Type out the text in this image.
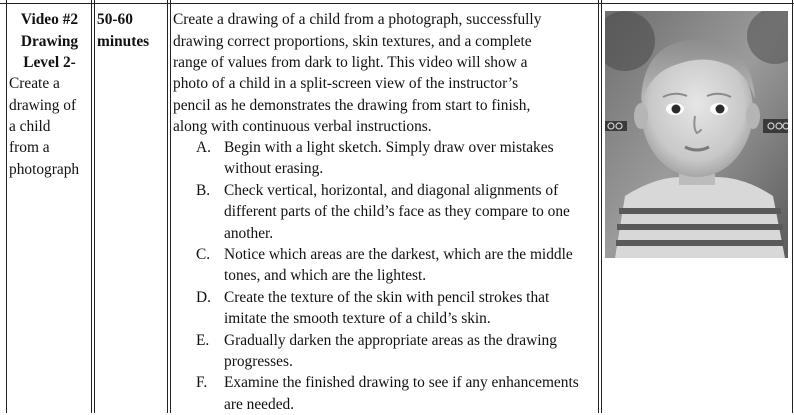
Video #2
Drawing
Level 2-
Create a
drawing of
a child
from a
photograph
50-60
minutes
Create a drawing of a child from a photograph, successfully
drawing correct proportions, skin textures, and a complete
range of values from dark to light. This video will show a
photo of a child in a split-screen view of the instructor’s
pencil as he demonstrates the drawing from start to finish,
along with continuous verbal instructions.
A. Begin with a light sketch. Simply draw over mistakes without erasing.
B. Check vertical, horizontal, and diagonal alignments of different parts of the child’s face as they compare to one another.
C. Notice which areas are the darkest, which are the middle tones, and which are the lightest.
D. Create the texture of the skin with pencil strokes that imitate the smooth texture of a child’s skin.
E. Gradually darken the appropriate areas as the drawing progresses.
F.	Examine the finished drawing to see if any enhancements are needed.
